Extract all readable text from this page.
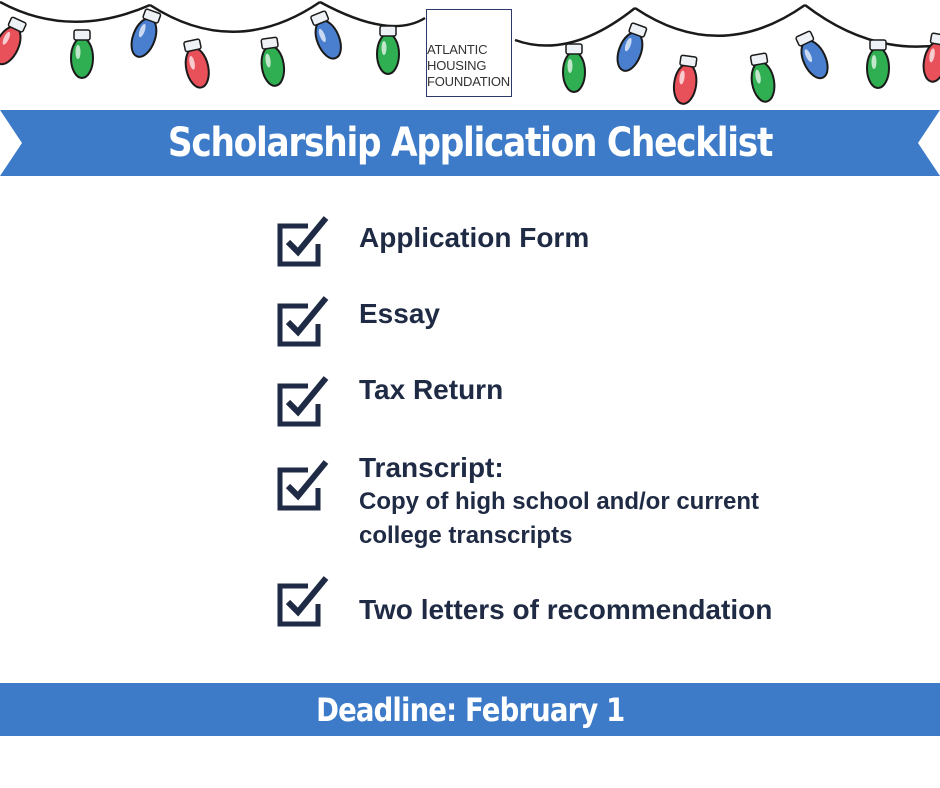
ATLANTIC
HOUSING
FOUNDATION
Scholarship Application Checklist
Application Form
Essay
Tax Return
Transcript:
Copy of high school and/or current college transcripts
Two letters of recommendation
Deadline: February 1
